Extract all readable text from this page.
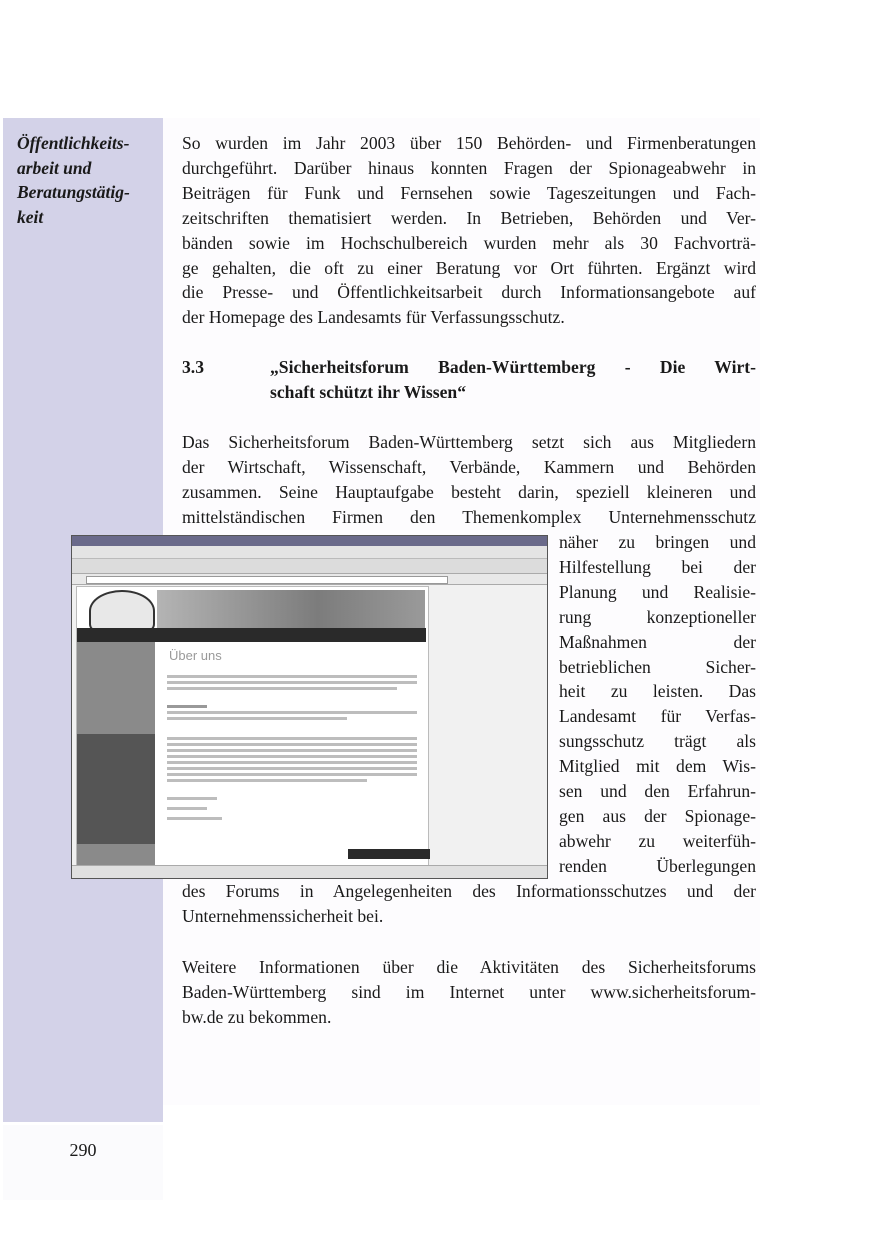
Öffentlichkeits-
arbeit und
Beratungstätig-
keit
So wurden im Jahr 2003 über 150 Behörden- und Firmenberatungen
durchgeführt. Darüber hinaus konnten Fragen der Spionageabwehr in
Beiträgen für Funk und Fernsehen sowie Tageszeitungen und Fach-
zeitschriften thematisiert werden. In Betrieben, Behörden und Ver-
bänden sowie im Hochschulbereich wurden mehr als 30 Fachvorträ-
ge gehalten, die oft zu einer Beratung vor Ort führten. Ergänzt wird
die Presse- und Öffentlichkeitsarbeit durch Informationsangebote auf
der Homepage des Landesamts für Verfassungsschutz.
3.3	„Sicherheitsforum Baden-Württemberg - Die Wirt-
schaft schützt ihr Wissen“
Das Sicherheitsforum Baden-Württemberg setzt sich aus Mitgliedern
der Wirtschaft, Wissenschaft, Verbände, Kammern und Behörden
zusammen. Seine Hauptaufgabe besteht darin, speziell kleineren und
mittelständischen Firmen den Themenkomplex Unternehmensschutz
näher zu bringen und
Hilfestellung bei der
Planung und Realisie-
rung konzeptioneller
Maßnahmen der
betrieblichen Sicher-
heit zu leisten. Das
Landesamt für Verfas-
sungsschutz trägt als
Mitglied mit dem Wis-
sen und den Erfahrun-
gen aus der Spionage-
abwehr zu weiterfüh-
renden Überlegungen
des Forums in Angelegenheiten des Informationsschutzes und der
Unternehmenssicherheit bei.
Weitere Informationen über die Aktivitäten des Sicherheitsforums
Baden-Württemberg sind im Internet unter www.sicherheitsforum-
bw.de zu bekommen.
Über uns
290
